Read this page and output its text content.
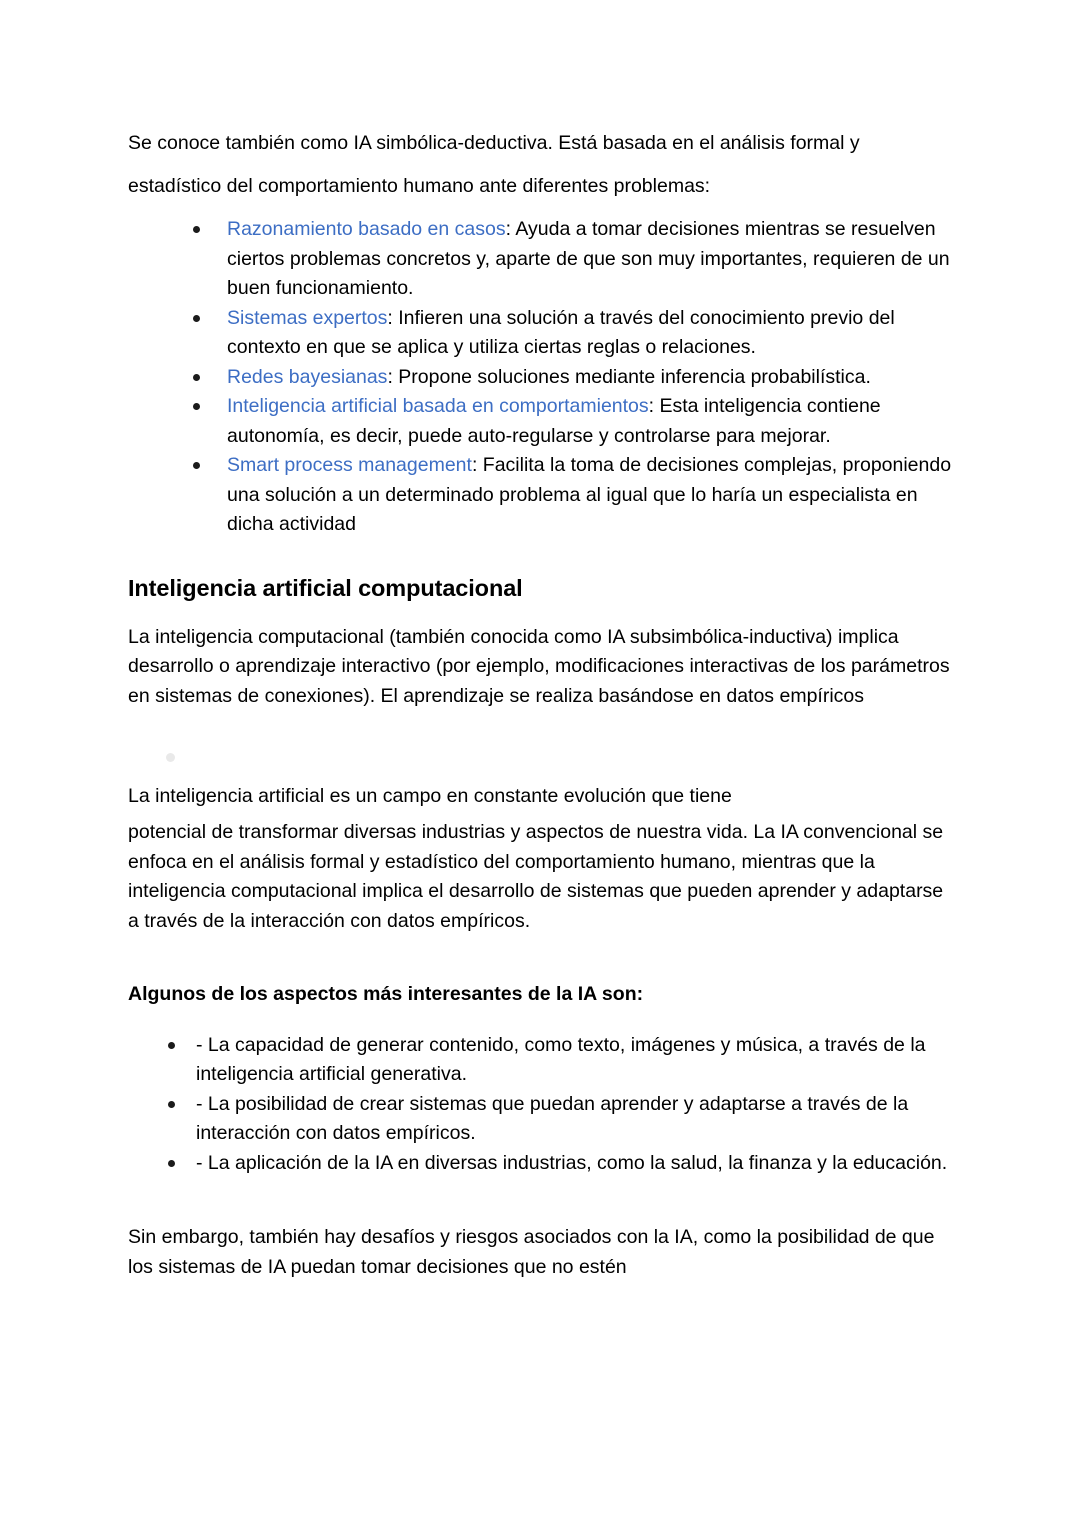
Se conoce también como IA simbólica-deductiva. Está basada en el análisis formal y estadístico del comportamiento humano ante diferentes problemas:

Razonamiento basado en casos: Ayuda a tomar decisiones mientras se resuelven ciertos problemas concretos y, aparte de que son muy importantes, requieren de un buen funcionamiento.
Sistemas expertos: Infieren una solución a través del conocimiento previo del contexto en que se aplica y utiliza ciertas reglas o relaciones.
Redes bayesianas: Propone soluciones mediante inferencia probabilística.
Inteligencia artificial basada en comportamientos: Esta inteligencia contiene autonomía, es decir, puede auto-regularse y controlarse para mejorar.
Smart process management: Facilita la toma de decisiones complejas, proponiendo una solución a un determinado problema al igual que lo haría un especialista en dicha actividad
Inteligencia artificial computacional

La inteligencia computacional (también conocida como IA subsimbólica-inductiva) implica desarrollo o aprendizaje interactivo (por ejemplo, modificaciones interactivas de los parámetros en sistemas de conexiones). El aprendizaje se realiza basándose en datos empíricos

La inteligencia artificial es un campo en constante evolución que tiene

potencial de transformar diversas industrias y aspectos de nuestra vida. La IA convencional se enfoca en el análisis formal y estadístico del comportamiento humano, mientras que la inteligencia computacional implica el desarrollo de sistemas que pueden aprender y adaptarse a través de la interacción con datos empíricos.

Algunos de los aspectos más interesantes de la IA son:

- La capacidad de generar contenido, como texto, imágenes y música, a través de la inteligencia artificial generativa.
- La posibilidad de crear sistemas que puedan aprender y adaptarse a través de la interacción con datos empíricos.
- La aplicación de la IA en diversas industrias, como la salud, la finanza y la educación.

Sin embargo, también hay desafíos y riesgos asociados con la IA, como la posibilidad de que los sistemas de IA puedan tomar decisiones que no estén
